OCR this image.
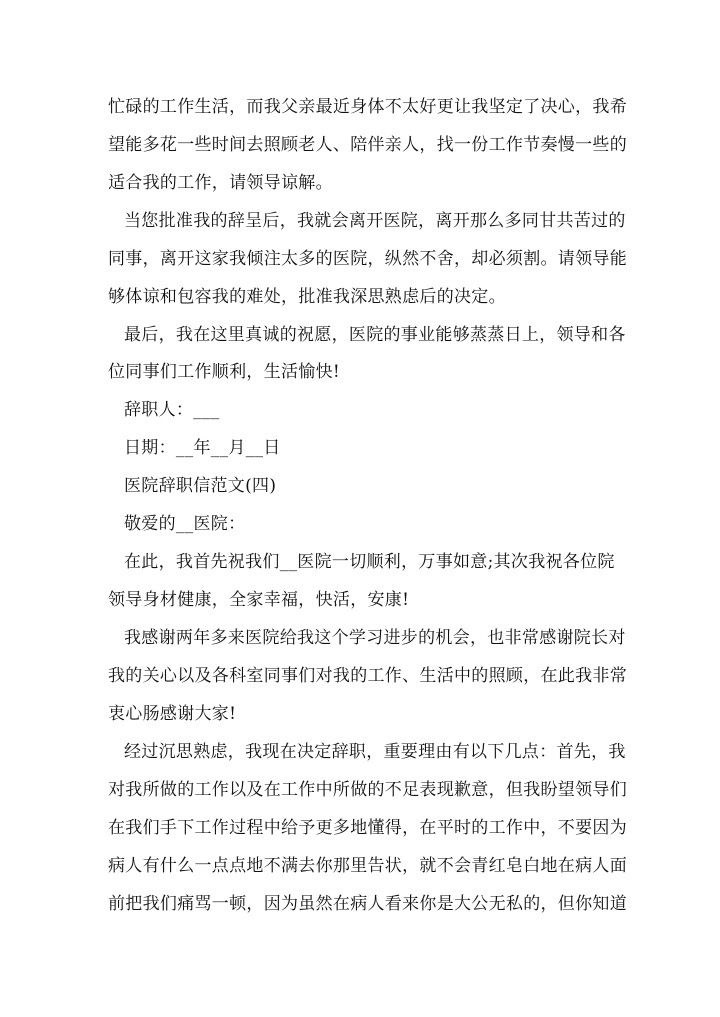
忙碌的工作生活，而我父亲最近身体不太好更让我坚定了决心，我希
望能多花一些时间去照顾老人、陪伴亲人，找一份工作节奏慢一些的
适合我的工作，请领导谅解。
当您批准我的辞呈后，我就会离开医院，离开那么多同甘共苦过的
同事，离开这家我倾注太多的医院，纵然不舍，却必须割。请领导能
够体谅和包容我的难处，批准我深思熟虑后的决定。
最后，我在这里真诚的祝愿，医院的事业能够蒸蒸日上，领导和各
位同事们工作顺利，生活愉快!
辞职人：___
日期：__年__月__日
医院辞职信范文(四)
敬爱的__医院：
在此，我首先祝我们__医院一切顺利，万事如意;其次我祝各位院
领导身材健康，全家幸福，快活，安康!
我感谢两年多来医院给我这个学习进步的机会，也非常感谢院长对
我的关心以及各科室同事们对我的工作、生活中的照顾，在此我非常
衷心肠感谢大家!
经过沉思熟虑，我现在决定辞职，重要理由有以下几点：首先，我
对我所做的工作以及在工作中所做的不足表现歉意，但我盼望领导们
在我们手下工作过程中给予更多地懂得，在平时的工作中，不要因为
病人有什么一点点地不满去你那里告状，就不会青红皂白地在病人面
前把我们痛骂一顿，因为虽然在病人看来你是大公无私的，但你知道
